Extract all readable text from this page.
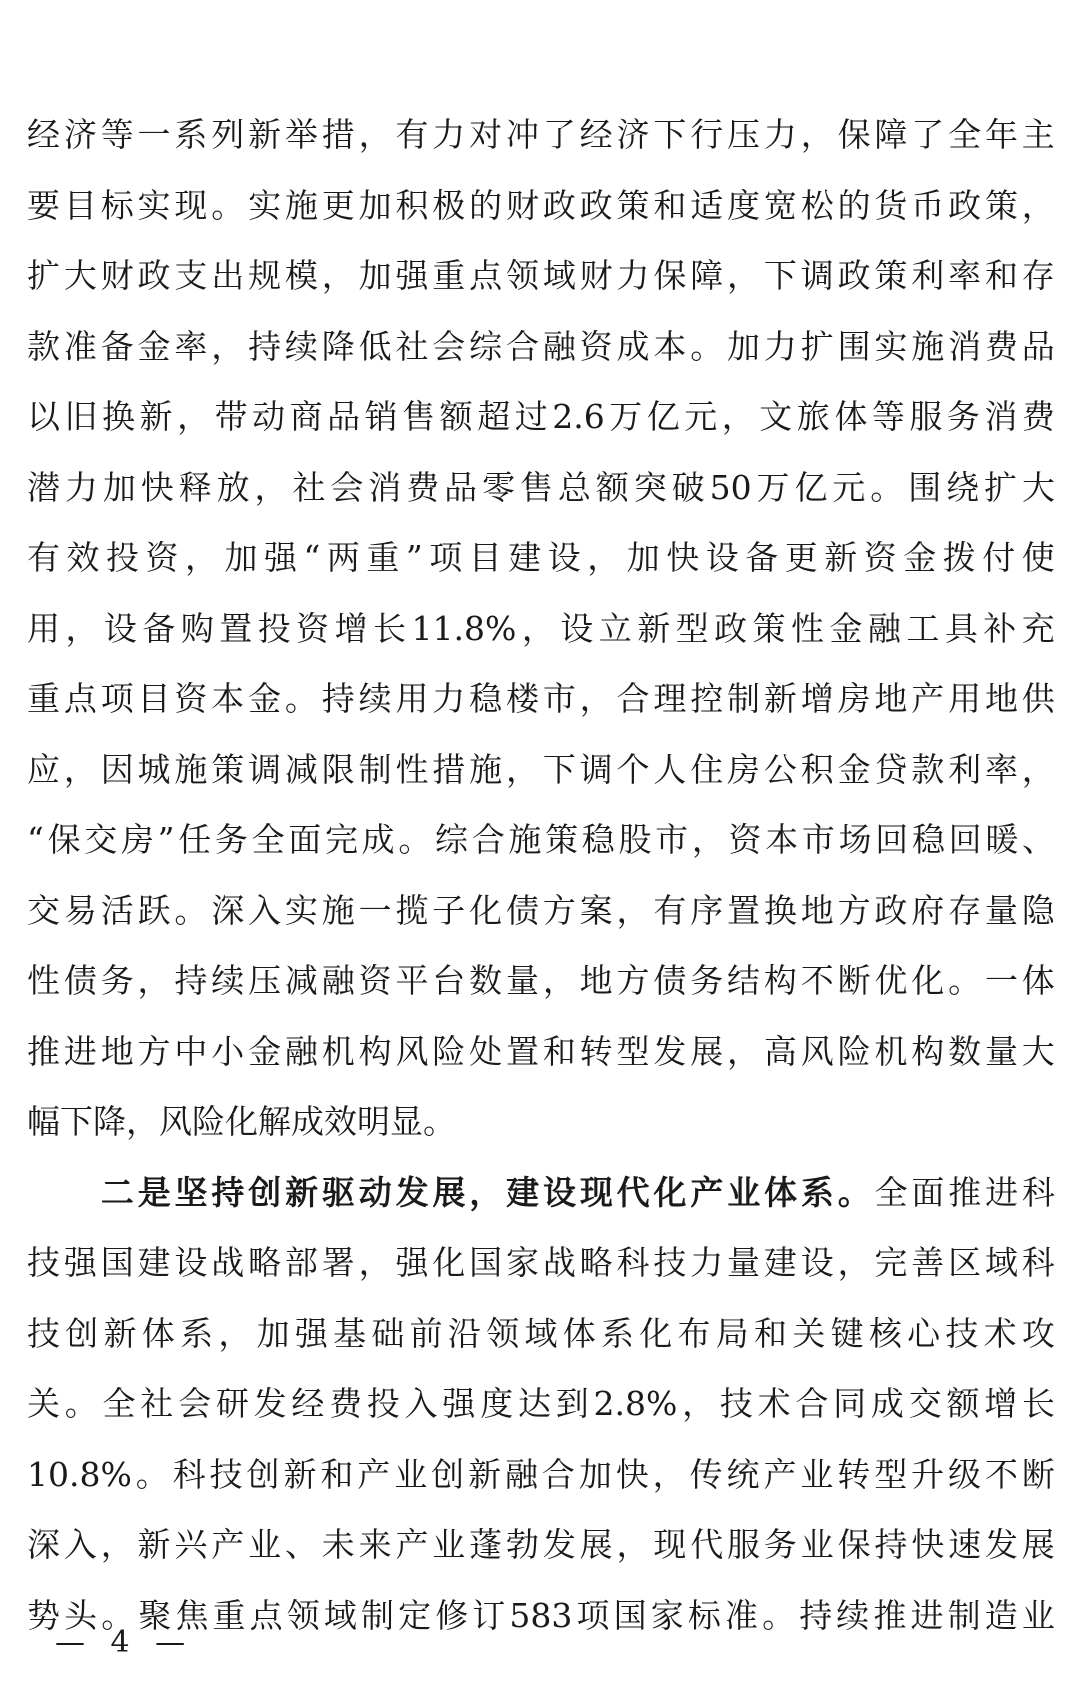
经 济 等 一 系 列 新 举 措 ， 有 力 对 冲 了 经 济 下 行 压 力 ， 保 障 了 全 年 主
要 目 标 实 现 。 实 施 更 加 积 极 的 财 政 政 策 和 适 度 宽 松 的 货 币 政 策 ，
扩 大 财 政 支 出 规 模 ， 加 强 重 点 领 域 财 力 保 障 ， 下 调 政 策 利 率 和 存
款 准 备 金 率 ， 持 续 降 低 社 会 综 合 融 资 成 本 。 加 力 扩 围 实 施 消 费 品
以 旧 换 新 ， 带 动 商 品 销 售 额 超 过 2.6 万 亿 元 ， 文 旅 体 等 服 务 消 费
潜 力 加 快 释 放 ， 社 会 消 费 品 零 售 总 额 突 破 50 万 亿 元 。 围 绕 扩 大
有 效 投 资 ， 加 强 “ 两 重 ” 项 目 建 设 ， 加 快 设 备 更 新 资 金 拨 付 使
用 ， 设 备 购 置 投 资 增 长 11.8% ， 设 立 新 型 政 策 性 金 融 工 具 补 充
重 点 项 目 资 本 金 。 持 续 用 力 稳 楼 市 ， 合 理 控 制 新 增 房 地 产 用 地 供
应 ， 因 城 施 策 调 减 限 制 性 措 施 ， 下 调 个 人 住 房 公 积 金 贷 款 利 率 ，
“ 保 交 房 ” 任 务 全 面 完 成 。 综 合 施 策 稳 股 市 ， 资 本 市 场 回 稳 回 暖 、
交 易 活 跃 。 深 入 实 施 一 揽 子 化 债 方 案 ， 有 序 置 换 地 方 政 府 存 量 隐
性 债 务 ， 持 续 压 减 融 资 平 台 数 量 ， 地 方 债 务 结 构 不 断 优 化 。 一 体
推 进 地 方 中 小 金 融 机 构 风 险 处 置 和 转 型 发 展 ， 高 风 险 机 构 数 量 大
幅 下 降 ， 风 险 化 解 成 效 明 显 。
二 是 坚 持 创 新 驱 动 发 展 ， 建 设 现 代 化 产 业 体 系 。 全 面 推 进 科
技 强 国 建 设 战 略 部 署 ， 强 化 国 家 战 略 科 技 力 量 建 设 ， 完 善 区 域 科
技 创 新 体 系 ， 加 强 基 础 前 沿 领 域 体 系 化 布 局 和 关 键 核 心 技 术 攻
关 。 全 社 会 研 发 经 费 投 入 强 度 达 到 2.8% ， 技 术 合 同 成 交 额 增 长
10.8% 。 科 技 创 新 和 产 业 创 新 融 合 加 快 ， 传 统 产 业 转 型 升 级 不 断
深 入 ， 新 兴 产 业 、 未 来 产 业 蓬 勃 发 展 ， 现 代 服 务 业 保 持 快 速 发 展
势 头 。 聚 焦 重 点 领 域 制 定 修 订 583 项 国 家 标 准 。 持 续 推 进 制 造 业
— 4 —
